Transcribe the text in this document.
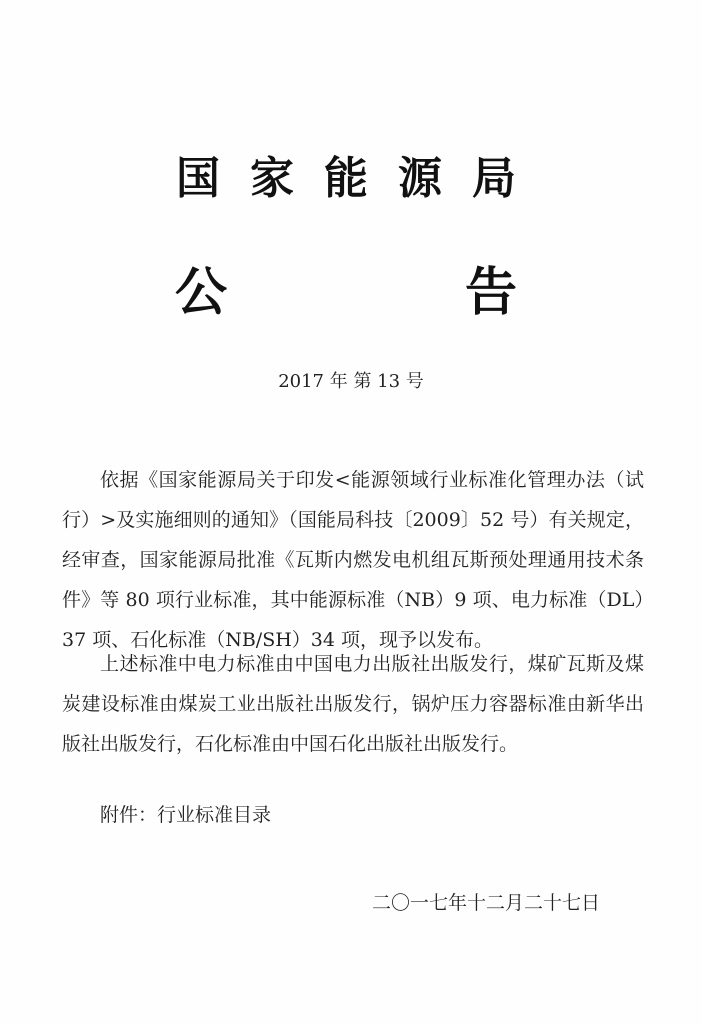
国家能源局
公 告
2017 年 第 13 号

依据《国家能源局关于印发<能源领域行业标准化管理办法（试行）>及实施细则的通知》（国能局科技〔2009〕52 号）有关规定，经审查，国家能源局批准《瓦斯内燃发电机组瓦斯预处理通用技术条件》等 80 项行业标准，其中能源标准（NB）9 项、电力标准（DL）37 项、石化标准（NB/SH）34 项，现予以发布。

上述标准中电力标准由中国电力出版社出版发行，煤矿瓦斯及煤炭建设标准由煤炭工业出版社出版发行，锅炉压力容器标准由新华出版社出版发行，石化标准由中国石化出版社出版发行。

附件：行业标准目录
二〇一七年十二月二十七日
